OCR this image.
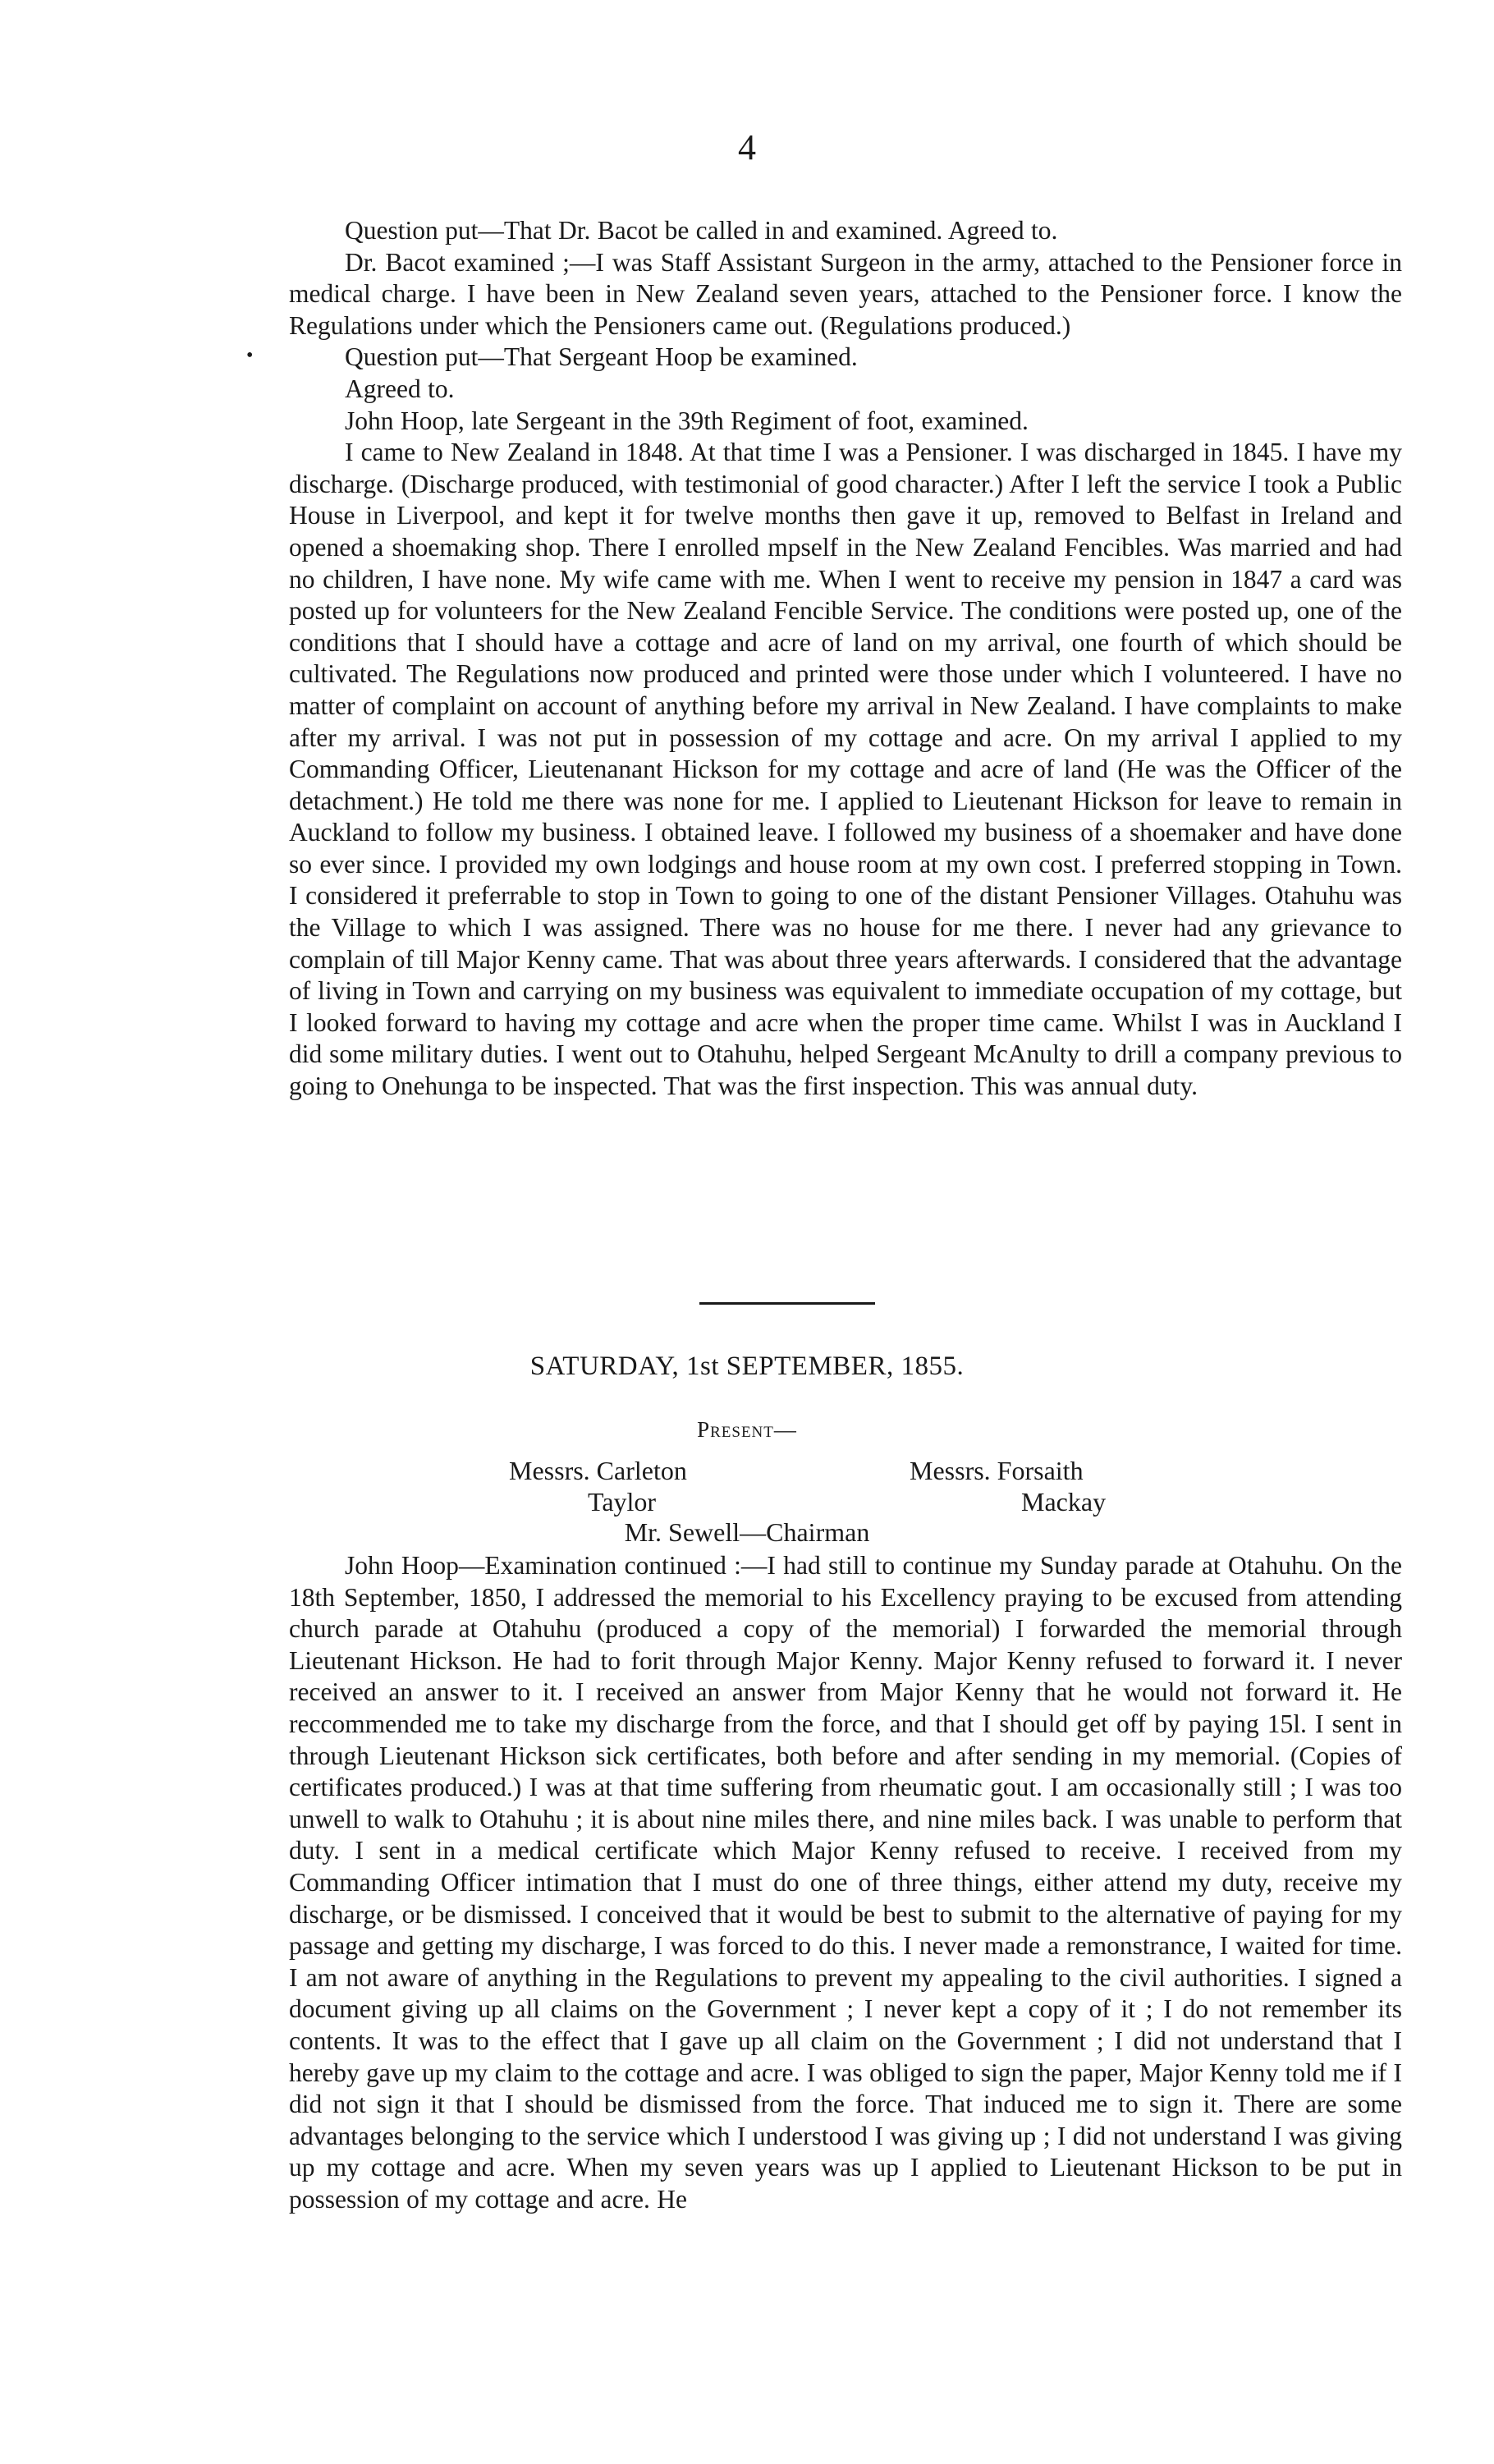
4

Question put—That Dr. Bacot be called in and examined. Agreed to.

Dr. Bacot examined ;—I was Staff Assistant Surgeon in the army, attached to the Pensioner force in medical charge. I have been in New Zealand seven years, attached to the Pensioner force. I know the Regulations under which the Pensioners came out. (Regulations produced.)

•	Question put—That Sergeant Hoop be examined.

Agreed to.

John Hoop, late Sergeant in the 39th Regiment of foot, examined.

I came to New Zealand in 1848. At that time I was a Pensioner. I was discharged in 1845. I have my discharge. (Discharge produced, with testimonial of good character.) After I left the service I took a Public House in Liverpool, and kept it for twelve months then gave it up, removed to Belfast in Ireland and opened a shoemaking shop. There I enrolled mpself in the New Zealand Fencibles. Was married and had no children, I have none. My wife came with me. When I went to receive my pension in 1847 a card was posted up for volunteers for the New Zealand Fencible Service. The conditions were posted up, one of the conditions that I should have a cottage and acre of land on my arrival, one fourth of which should be cultivated. The Regulations now produced and printed were those under which I volunteered. I have no matter of complaint on account of anything before my arrival in New Zealand. I have complaints to make after my arrival. I was not put in possession of my cottage and acre. On my arrival I applied to my Commanding Officer, Lieutenanant Hickson for my cottage and acre of land (He was the Officer of the detachment.) He told me there was none for me. I applied to Lieutenant Hickson for leave to remain in Auckland to follow my business. I obtained leave. I followed my business of a shoemaker and have done so ever since. I provided my own lodgings and house room at my own cost. I preferred stopping in Town. I considered it preferrable to stop in Town to going to one of the distant Pensioner Villages. Otahuhu was the Village to which I was assigned. There was no house for me there. I never had any grievance to complain of till Major Kenny came. That was about three years afterwards. I considered that the advantage of living in Town and carrying on my business was equivalent to immediate occupation of my cottage, but I looked forward to having my cottage and acre when the proper time came. Whilst I was in Auckland I did some military duties. I went out to Otahuhu, helped Sergeant McAnulty to drill a company previous to going to Onehunga to be inspected. That was the first inspection. This was annual duty.

SATURDAY, 1st SEPTEMBER, 1855.
Present—
Messrs. Carleton
Taylor
Messrs. Forsaith
Mackay
Mr. Sewell—Chairman

John Hoop—Examination continued :—I had still to continue my Sunday parade at Otahuhu. On the 18th September, 1850, I addressed the memorial to his Excellency praying to be excused from attending church parade at Otahuhu (produced a copy of the memorial) I forwarded the memorial through Lieutenant Hickson. He had to forit through Major Kenny. Major Kenny refused to forward it. I never received an answer to it. I received an answer from Major Kenny that he would not forward it. He reccommended me to take my discharge from the force, and that I should get off by paying 15l. I sent in through Lieutenant Hickson sick certificates, both before and after sending in my memorial. (Copies of certificates produced.) I was at that time suffering from rheumatic gout. I am occasionally still ; I was too unwell to walk to Otahuhu ; it is about nine miles there, and nine miles back. I was unable to perform that duty. I sent in a medical certificate which Major Kenny refused to receive. I received from my Commanding Officer intimation that I must do one of three things, either attend my duty, receive my discharge, or be dismissed. I conceived that it would be best to submit to the alternative of paying for my passage and getting my discharge, I was forced to do this. I never made a remonstrance, I waited for time. I am not aware of anything in the Regulations to prevent my appealing to the civil authorities. I signed a document giving up all claims on the Government ; I never kept a copy of it ; I do not remember its contents. It was to the effect that I gave up all claim on the Government ; I did not understand that I hereby gave up my claim to the cottage and acre. I was obliged to sign the paper, Major Kenny told me if I did not sign it that I should be dismissed from the force. That induced me to sign it. There are some advantages belonging to the service which I understood I was giving up ; I did not understand I was giving up my cottage and acre. When my seven years was up I applied to Lieutenant Hickson to be put in possession of my cottage and acre. He
